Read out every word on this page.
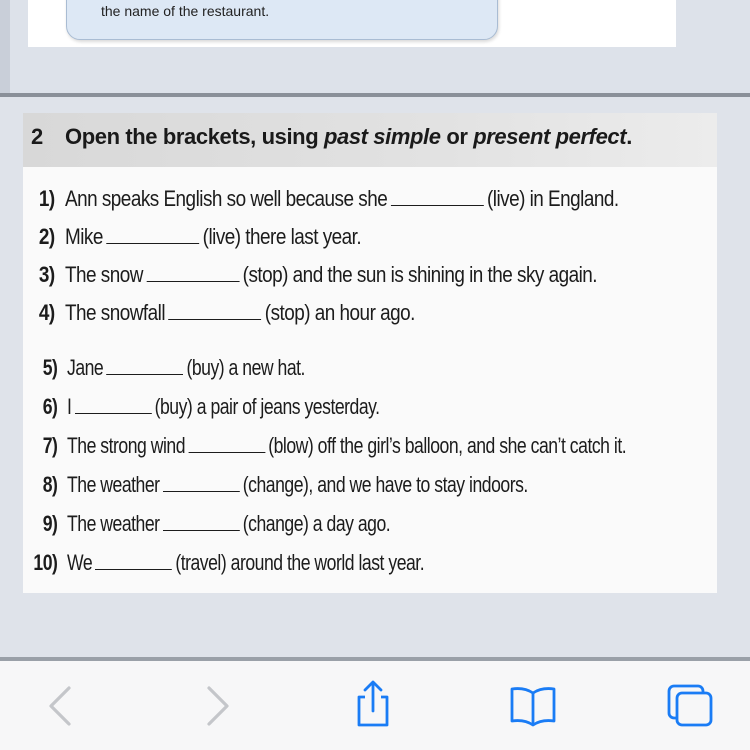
the name of the restaurant.
2 Open the brackets, using past simple or present perfect.
1) Ann speaks English so well because she	(live) in England.
2) Mike	(live) there last year.
3) The snow	(stop) and the sun is shining in the sky again.
4) The snowfall	(stop) an hour ago.
5) Jane	(buy) a new hat.
6) I	(buy) a pair of jeans yesterday.
7) The strong wind	(blow) off the girl’s balloon, and she can’t catch it.
8) The weather	(change), and we have to stay indoors.
9) The weather	(change) a day ago.
10) We	(travel) around the world last year.
